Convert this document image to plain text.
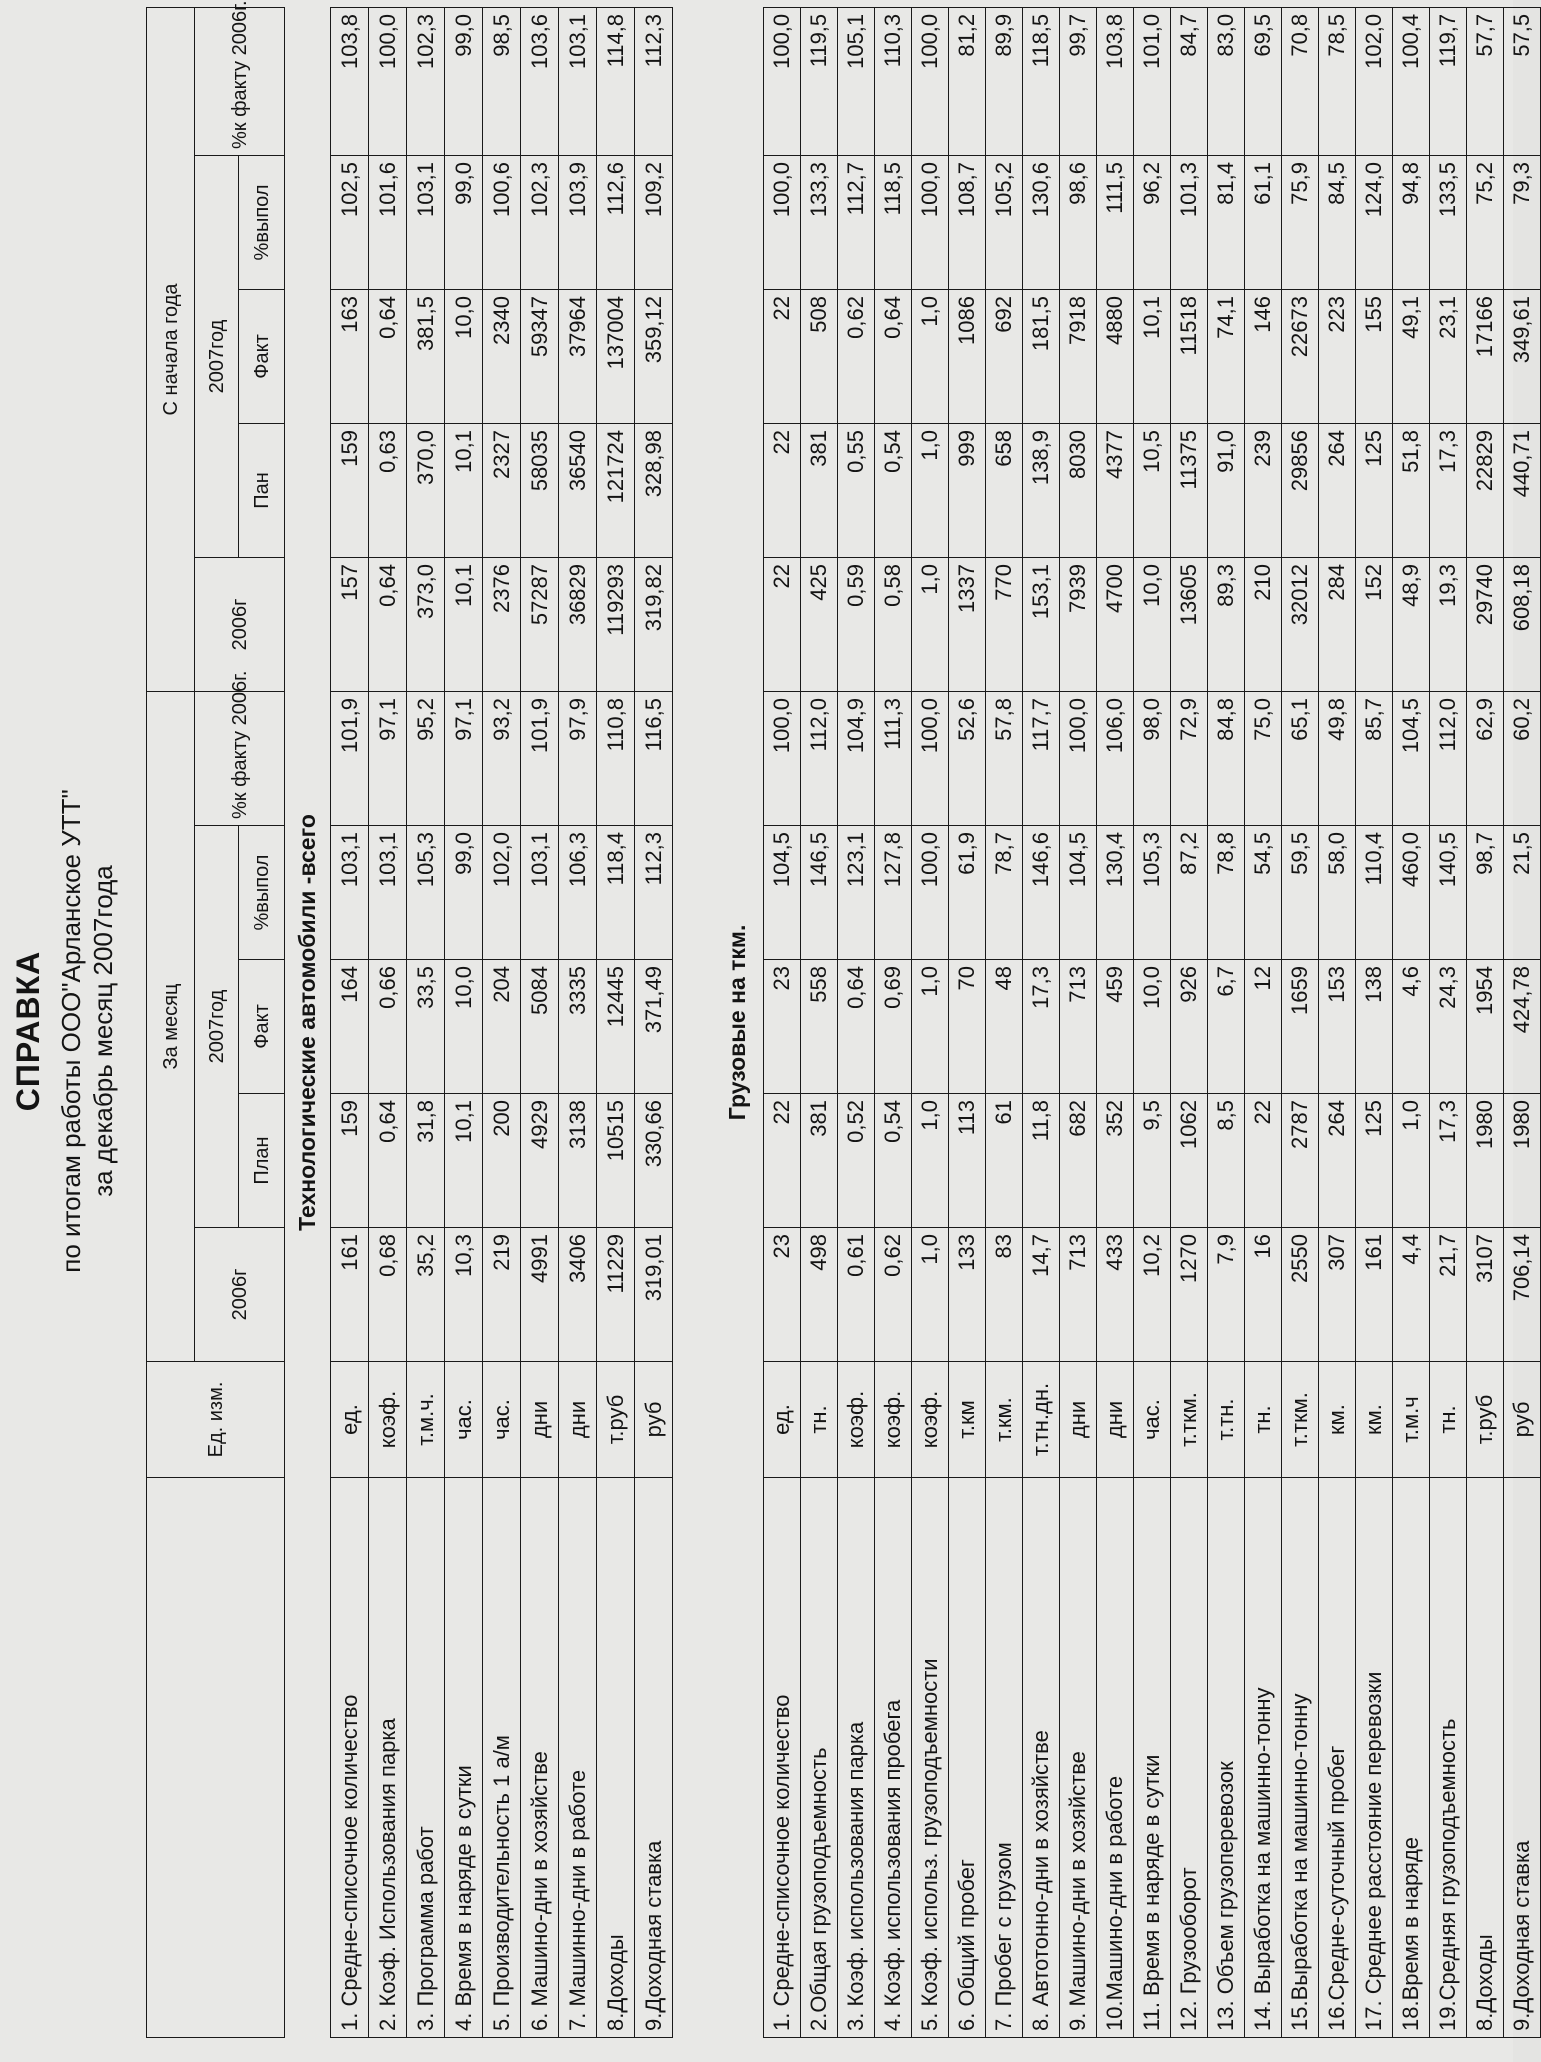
СПРАВКА по итогам работы ООО"Арланское УТТ" за декабрь месяц 2007года
	Ед. изм.	За месяц					С начала года				
		2006г	2007год			%к факту 2006г.	2006г	2007год			%к факту 2006г.
			План	Факт	%выпол			Пан	Факт	%выпол	
Технологические автомобили -всего											
1. Средне-списочное количество	ед.	161	159	164	103,1	101,9	157	159	163	102,5	103,8
2. Коэф. Использования парка	коэф.	0,68	0,64	0,66	103,1	97,1	0,64	0,63	0,64	101,6	100,0
3. Программа работ	т.м.ч.	35,2	31,8	33,5	105,3	95,2	373,0	370,0	381,5	103,1	102,3
4. Время в наряде в сутки	час.	10,3	10,1	10,0	99,0	97,1	10,1	10,1	10,0	99,0	99,0
5. Производительность 1 а/м	час.	219	200	204	102,0	93,2	2376	2327	2340	100,6	98,5
6. Машино-дни в хозяйстве	дни	4991	4929	5084	103,1	101,9	57287	58035	59347	102,3	103,6
7. Машинно-дни в работе	дни	3406	3138	3335	106,3	97,9	36829	36540	37964	103,9	103,1
8.Доходы	т.руб	11229	10515	12445	118,4	110,8	119293	121724	137004	112,6	114,8
9.Доходная ставка	руб	319,01	330,66	371,49	112,3	116,5	319,82	328,98	359,12	109,2	112,3
Грузовые на ткм.											
1. Средне-списочное количество	ед.	23	22	23	104,5	100,0	22	22	22	100,0	100,0
2.Общая грузоподъемность	тн.	498	381	558	146,5	112,0	425	381	508	133,3	119,5
3. Коэф. использования парка	коэф.	0,61	0,52	0,64	123,1	104,9	0,59	0,55	0,62	112,7	105,1
4. Коэф. использования пробега	коэф.	0,62	0,54	0,69	127,8	111,3	0,58	0,54	0,64	118,5	110,3
5. Коэф. использ. грузоподъемности	коэф.	1,0	1,0	1,0	100,0	100,0	1,0	1,0	1,0	100,0	100,0
6. Общий пробег	т.км	133	113	70	61,9	52,6	1337	999	1086	108,7	81,2
7. Пробег с грузом	т.км.	83	61	48	78,7	57,8	770	658	692	105,2	89,9
8. Автотонно-дни в хозяйстве	т.тн.дн.	14,7	11,8	17,3	146,6	117,7	153,1	138,9	181,5	130,6	118,5
9. Машино-дни в хозяйстве	дни	713	682	713	104,5	100,0	7939	8030	7918	98,6	99,7
10.Машино-дни в работе	дни	433	352	459	130,4	106,0	4700	4377	4880	111,5	103,8
11. Время в наряде в сутки	час.	10,2	9,5	10,0	105,3	98,0	10,0	10,5	10,1	96,2	101,0
12. Грузооборот	т.ткм.	1270	1062	926	87,2	72,9	13605	11375	11518	101,3	84,7
13. Объем грузоперевозок	т.тн.	7,9	8,5	6,7	78,8	84,8	89,3	91,0	74,1	81,4	83,0
14. Выработка на машинно-тонну	тн.	16	22	12	54,5	75,0	210	239	146	61,1	69,5
15.Выработка на машинно-тонну	т.ткм.	2550	2787	1659	59,5	65,1	32012	29856	22673	75,9	70,8
16.Средне-суточный пробег	км.	307	264	153	58,0	49,8	284	264	223	84,5	78,5
17. Среднее расстояние перевозки	км.	161	125	138	110,4	85,7	152	125	155	124,0	102,0
18.Время в наряде	т.м.ч	4,4	1,0	4,6	460,0	104,5	48,9	51,8	49,1	94,8	100,4
19.Средняя грузоподъемность	тн.	21,7	17,3	24,3	140,5	112,0	19,3	17,3	23,1	133,5	119,7
8.Доходы	т.руб	3107	1980	1954	98,7	62,9	29740	22829	17166	75,2	57,7
9.Доходная ставка	руб	706,14	1980	424,78	21,5	60,2	608,18	440,71	349,61	79,3	57,5
